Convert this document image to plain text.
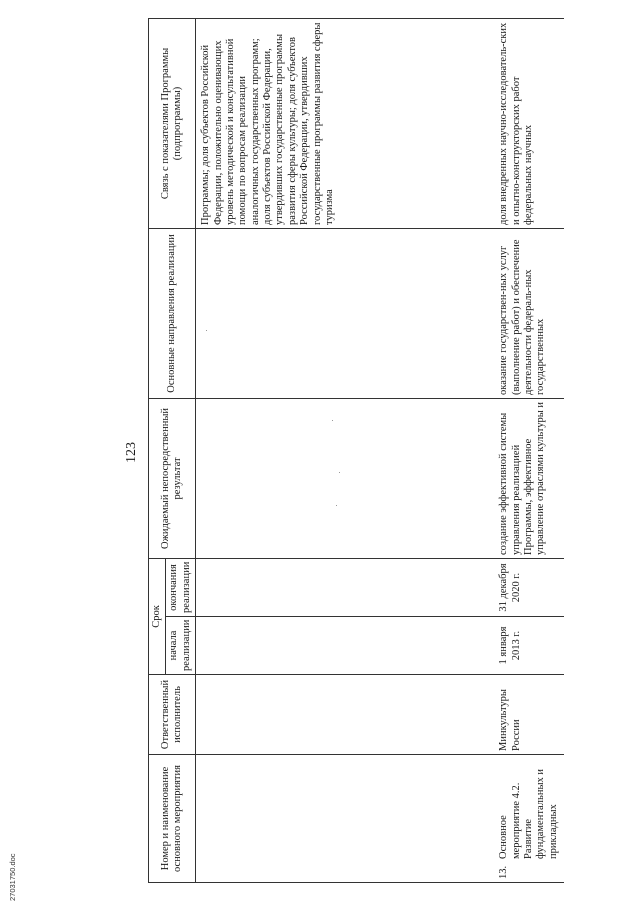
123
Номер и наименование основного мероприятия	Ответственный исполнитель	Срок		Ожидаемый непосредственный результат	Основные направления реализации	Связь с показателями Программы (подпрограммы)
		начала реализации	окончания реализации			
						Программы; доля субъектов Российской Федерации, положительно оценивающих уровень методической и консультативной помощи по вопросам реализации аналогичных государственных программ; доля субъектов Российской Федерации, утвердивших государственные программы развития сферы культуры; доля субъектов Российской Федерации, утвердивших государственные программы развития сферы туризма
13.Основное мероприятие 4.2. Развитие фундаментальных и прикладных	Минкультуры России	1 января 2013 г.	31 декабря 2020 г.	создание эффективной системы управления реализацией Программы, эффективное управление отраслями культуры и	оказание государствен-ных услуг (выполнение работ) и обеспечение деятельности федераль-ных государственных	доля внедренных научно-исследователь-ских и опытно-конструкторских работ федеральных научных
27031750.doc
